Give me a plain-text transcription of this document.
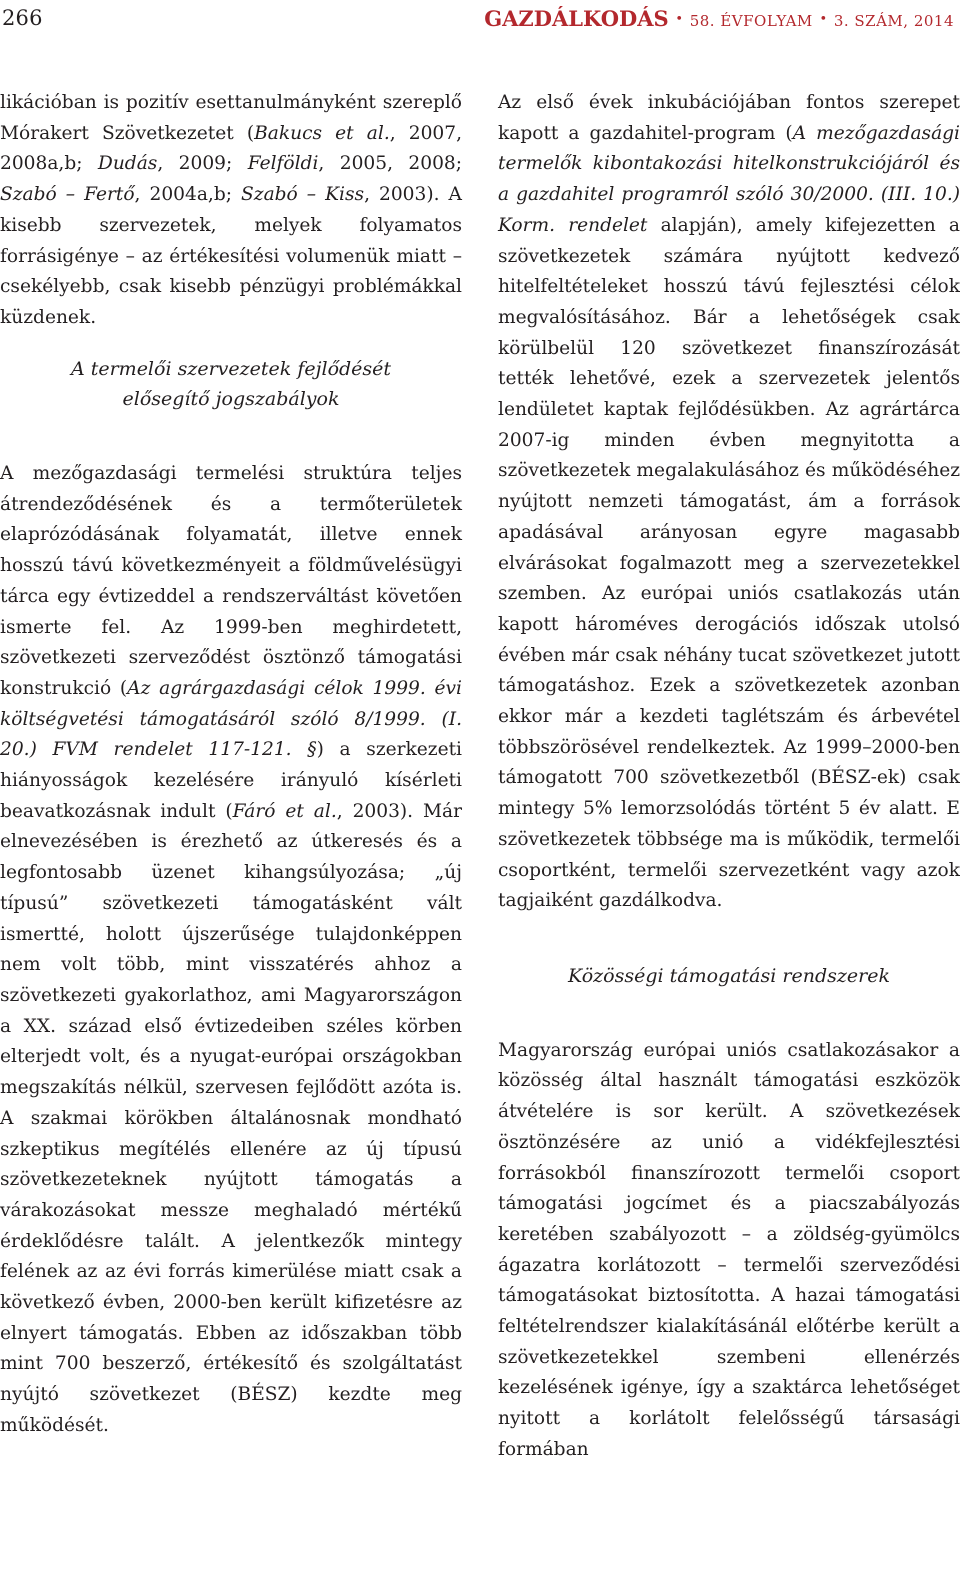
266	GAZDÁLKODÁS • 58. ÉVFOLYAM • 3. SZÁM, 2014

likációban is pozitív esettanulmányként szereplő Mórakert Szövetkezetet (Bakucs et al., 2007, 2008a,b; Dudás, 2009; Felföldi, 2005, 2008; Szabó – Fertő, 2004a,b; Szabó – Kiss, 2003). A kisebb szervezetek, melyek folyamatos forrásigénye – az értékesítési volumenük miatt – csekélyebb, csak kisebb pénzügyi problémákkal küzdenek.

A termelői szervezetek fejlődését
elősegítő jogszabályok

A mezőgazdasági termelési struktúra teljes átrendeződésének és a termőterületek elaprózódásának folyamatát, illetve ennek hosszú távú következményeit a földművelésügyi tárca egy évtizeddel a rendszerváltást követően ismerte fel. Az 1999-ben meghirdetett, szövetkezeti szerveződést ösztönző támogatási konstrukció (Az agrárgazdasági célok 1999. évi költségvetési támogatásáról szóló 8/1999. (I. 20.) FVM rendelet 117-121. §) a szerkezeti hiányosságok kezelésére irányuló kísérleti beavatkozásnak indult (Fáró et al., 2003). Már elnevezésében is érezhető az útkeresés és a legfontosabb üzenet kihangsúlyozása; „új típusú” szövetkezeti támogatásként vált ismertté, holott újszerűsége tulajdonképpen nem volt több, mint visszatérés ahhoz a szövetkezeti gyakorlathoz, ami Magyarországon a XX. század első évtizedeiben széles körben elterjedt volt, és a nyugat-európai országokban megszakítás nélkül, szervesen fejlődött azóta is. A szakmai körökben általánosnak mondható szkeptikus megítélés ellenére az új típusú szövetkezeteknek nyújtott támogatás a várakozásokat messze meghaladó mértékű érdeklődésre talált. A jelentkezők mintegy felének az az évi forrás kimerülése miatt csak a következő évben, 2000-ben került kifizetésre az elnyert támogatás. Ebben az időszakban több mint 700 beszerző, értékesítő és szolgáltatást nyújtó szövetkezet (BÉSZ) kezdte meg működését.

Az első évek inkubációjában fontos szerepet kapott a gazdahitel-program (A mezőgazdasági termelők kibontakozási hitelkonstrukciójáról és a gazdahitel programról szóló 30/2000. (III. 10.) Korm. rendelet alapján), amely kifejezetten a szövetkezetek számára nyújtott kedvező hitelfeltételeket hosszú távú fejlesztési célok megvalósításához. Bár a lehetőségek csak körülbelül 120 szövetkezet finanszírozását tették lehetővé, ezek a szervezetek jelentős lendületet kaptak fejlődésükben. Az agrártárca 2007-ig minden évben megnyitotta a szövetkezetek megalakulásához és működéséhez nyújtott nemzeti támogatást, ám a források apadásával arányosan egyre magasabb elvárásokat fogalmazott meg a szervezetekkel szemben. Az európai uniós csatlakozás után kapott hároméves derogációs időszak utolsó évében már csak néhány tucat szövetkezet jutott támogatáshoz. Ezek a szövetkezetek azonban ekkor már a kezdeti taglétszám és árbevétel többszörösével rendelkeztek. Az 1999–2000-ben támogatott 700 szövetkezetből (BÉSZ-ek) csak mintegy 5% lemorzsolódás történt 5 év alatt. E szövetkezetek többsége ma is működik, termelői csoportként, termelői szervezetként vagy azok tagjaiként gazdálkodva.

Közösségi támogatási rendszerek

Magyarország európai uniós csatlakozásakor a közösség által használt támogatási eszközök átvételére is sor került. A szövetkezések ösztönzésére az unió a vidékfejlesztési forrásokból finanszírozott termelői csoport támogatási jogcímet és a piacszabályozás keretében szabályozott – a zöldség-gyümölcs ágazatra korlátozott – termelői szerveződési támogatásokat biztosította. A hazai támogatási feltételrendszer kialakításánál előtérbe került a szövetkezetekkel szembeni ellenérzés kezelésének igénye, így a szaktárca lehetőséget nyitott a korlátolt felelősségű társasági formában
